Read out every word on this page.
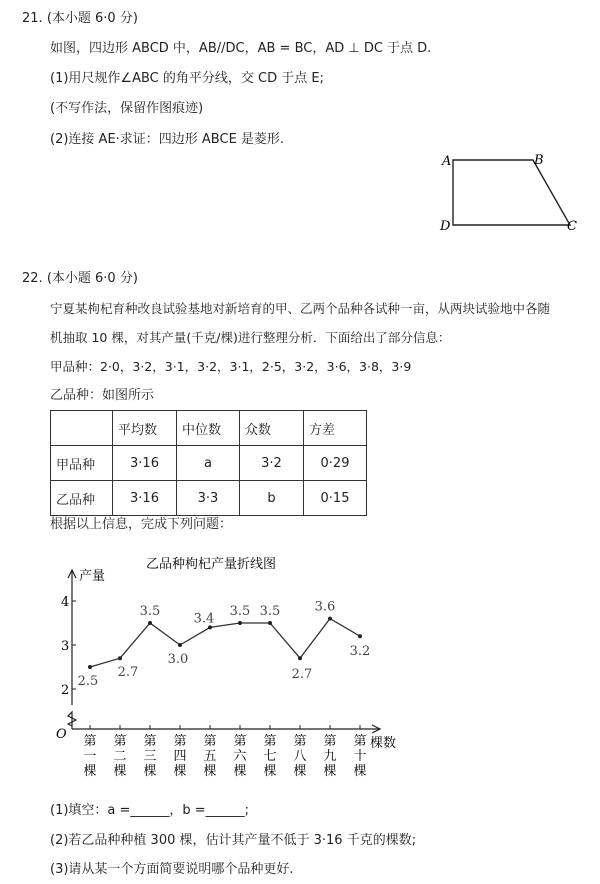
21. (本小题 6·0 分)
如图，四边形 ABCD 中，AB//DC，AB = BC，AD ⊥ DC 于点 D.
(1)用尺规作∠ABC 的角平分线，交 CD 于点 E;
(不写作法，保留作图痕迹)
(2)连接 AE·求证：四边形 ABCE 是菱形.
A	B
C
D
22. (本小题 6·0 分)
宁夏某枸杞育种改良试验基地对新培育的甲、乙两个品种各试种一亩，从两块试验地中各随
机抽取 10 棵，对其产量(千克/棵)进行整理分析．下面给出了部分信息：
甲品种：2·0，3·2，3·1，3·2，3·1，2·5，3·2，3·6，3·8，3·9
乙品种：如图所示
	平均数	中位数	众数	方差
甲品种	3·16	a	3·2	0·29
乙品种	3·16	3·3	b	0·15
根据以上信息，完成下列问题：
乙品种枸杞产量折线图
产量
棵数
O
2
3
4
第一棵
第二棵
第三棵
第四棵
第五棵
第六棵
第七棵
第八棵
第九棵
第十棵
2.5
2.7
3.5
3.0
3.4 3.5 3.5
2.7
3.6
3.2
(1)填空：a =______，b =______;
(2)若乙品种种植 300 棵，估计其产量不低于 3·16 千克的棵数;
(3)请从某一个方面简要说明哪个品种更好.
